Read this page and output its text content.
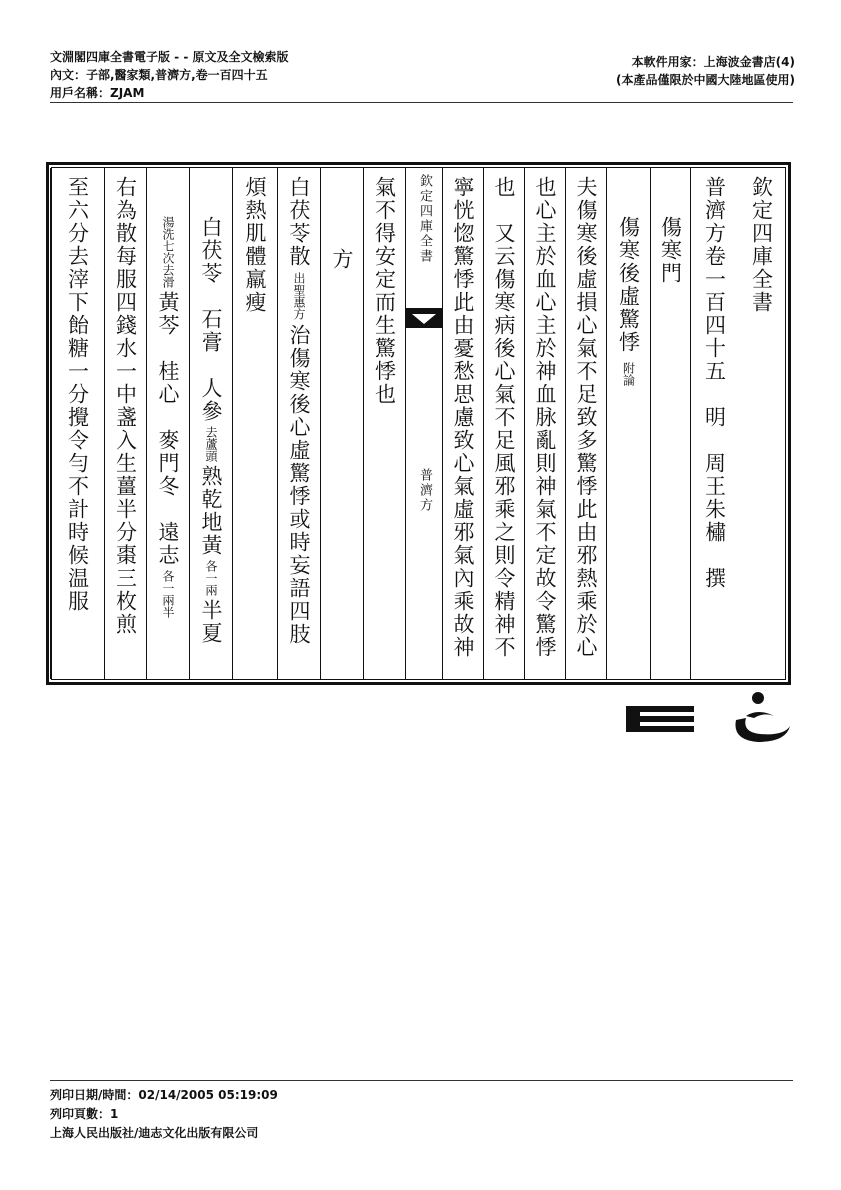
文淵閣四庫全書電子版 - - 原文及全文檢索版
內文：子部,醫家類,普濟方,卷一百四十五
用戶名稱：ZJAM
本軟件用家：上海波金書店(4)
(本產品僅限於中國大陸地區使用)
欽定四庫全書
普濟方卷一百四十五　明　周王朱橚　撰
傷寒門
傷寒後虛驚悸附論
夫傷寒後虛損心氣不足致多驚悸此由邪熱乘於心
也心主於血心主於神血脉亂則神氣不定故令驚悸
也　又云傷寒病後心氣不足風邪乘之則令精神不
寧恍惚驚悸此由憂愁思慮致心氣虛邪氣內乘故神
欽定四庫全書
普濟方
氣不得安定而生驚悸也
方
白茯苓散出聖惠方治傷寒後心虛驚悸或時妄語四肢
煩熱肌體羸瘦
白茯苓　石膏　人參去蘆頭熟乾地黃各一兩半夏
湯洗七次去滑黃芩　桂心　麥門冬　遠志各一兩半
右為散每服四錢水一中盞入生薑半分棗三枚煎
至六分去滓下飴糖一分攪令勻不計時候温服
列印日期/時間：02/14/2005 05:19:09
列印頁數：1
上海人民出版社/迪志文化出版有限公司
